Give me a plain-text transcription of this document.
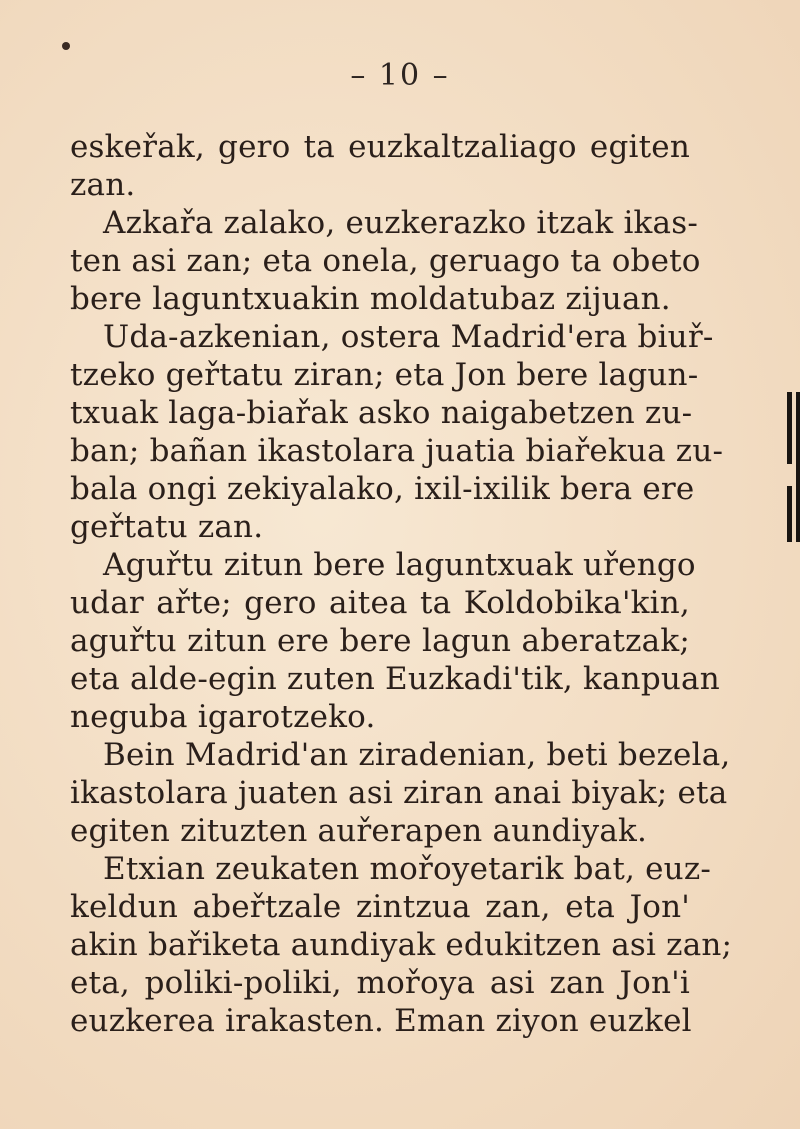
– 10 –
eskeřak, gero ta euzkaltzaliago egiten
zan.
Azkařa zalako, euzkerazko itzak ikas-
ten asi zan; eta onela, geruago ta obeto
bere laguntxuakin moldatubaz zijuan.
Uda-azkenian, ostera Madrid'era biuř-
tzeko geřtatu ziran; eta Jon bere lagun-
txuak laga-biařak asko naigabetzen zu-
ban; bañan ikastolara juatia biařekua zu-
bala ongi zekiyalako, ixil-ixilik bera ere
geřtatu zan.
Aguřtu zitun bere laguntxuak uřengo
udar ařte; gero aitea ta Koldobika'kin,
aguřtu zitun ere bere lagun aberatzak;
eta alde-egin zuten Euzkadi'tik, kanpuan
neguba igarotzeko.
Bein Madrid'an ziradenian, beti bezela,
ikastolara juaten asi ziran anai biyak; eta
egiten zituzten auřerapen aundiyak.
Etxian zeukaten mořoyetarik bat, euz-
keldun abeřtzale zintzua zan, eta Jon'
akin bařiketa aundiyak edukitzen asi zan;
eta, poliki-poliki, mořoya asi zan Jon'i
euzkerea irakasten. Eman ziyon euzkel
